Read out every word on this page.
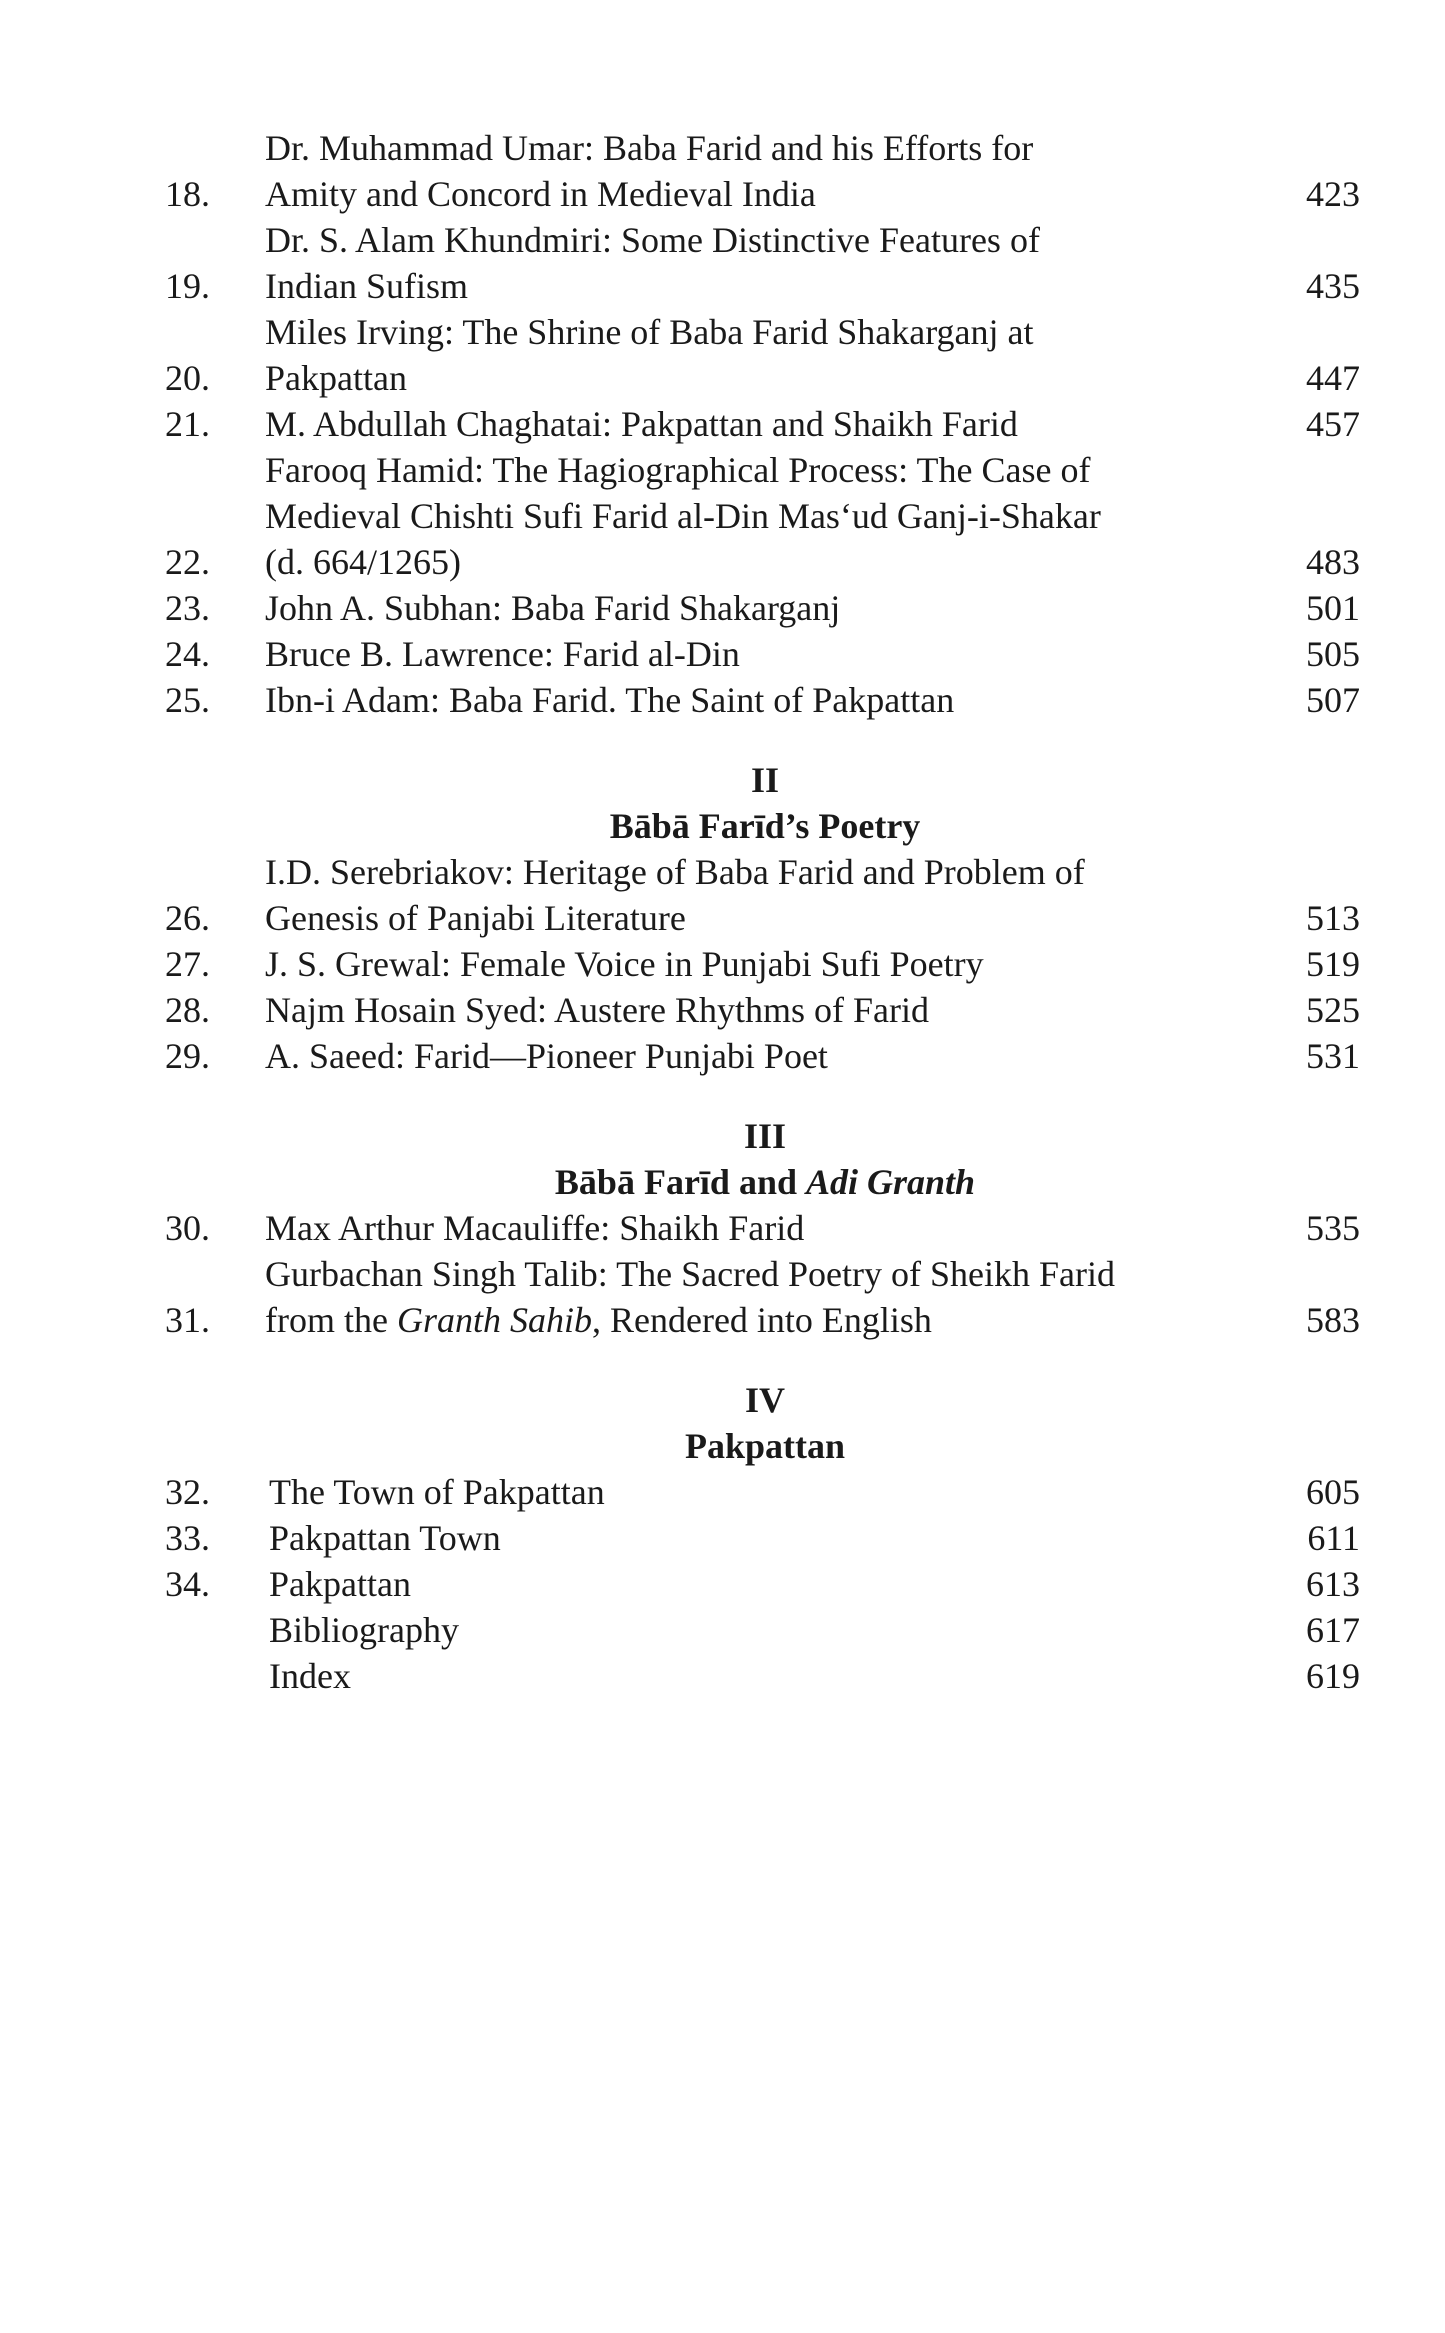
18.
Dr. Muhammad Umar: Baba Farid and his Efforts for
Amity and Concord in Medieval India	423
19.
Dr. S. Alam Khundmiri: Some Distinctive Features of
Indian Sufism	435
20.
Miles Irving: The Shrine of Baba Farid Shakarganj at
Pakpattan	447
21.	M. Abdullah Chaghatai: Pakpattan and Shaikh Farid	457
22.
Farooq Hamid: The Hagiographical Process: The Case of
Medieval Chishti Sufi Farid al-Din Mas‘ud Ganj-i-Shakar
(d. 664/1265)	483
23.	John A. Subhan: Baba Farid Shakarganj	501
24.	Bruce B. Lawrence: Farid al-Din	505
25.	Ibn-i Adam: Baba Farid. The Saint of Pakpattan	507
II
Bābā Farīd’s Poetry
26.
I.D. Serebriakov: Heritage of Baba Farid and Problem of
Genesis of Panjabi Literature	513
27.	J. S. Grewal: Female Voice in Punjabi Sufi Poetry	519
28.	Najm Hosain Syed: Austere Rhythms of Farid	525
29.	A. Saeed: Farid—Pioneer Punjabi Poet	531
III
Bābā Farīd and Adi Granth
30.	Max Arthur Macauliffe: Shaikh Farid	535
31.
Gurbachan Singh Talib: The Sacred Poetry of Sheikh Farid
from the Granth Sahib, Rendered into English	583
IV
Pakpattan
32.	The Town of Pakpattan	605
33.	Pakpattan Town	611
34.	Pakpattan	613
Bibliography	617
Index	619
